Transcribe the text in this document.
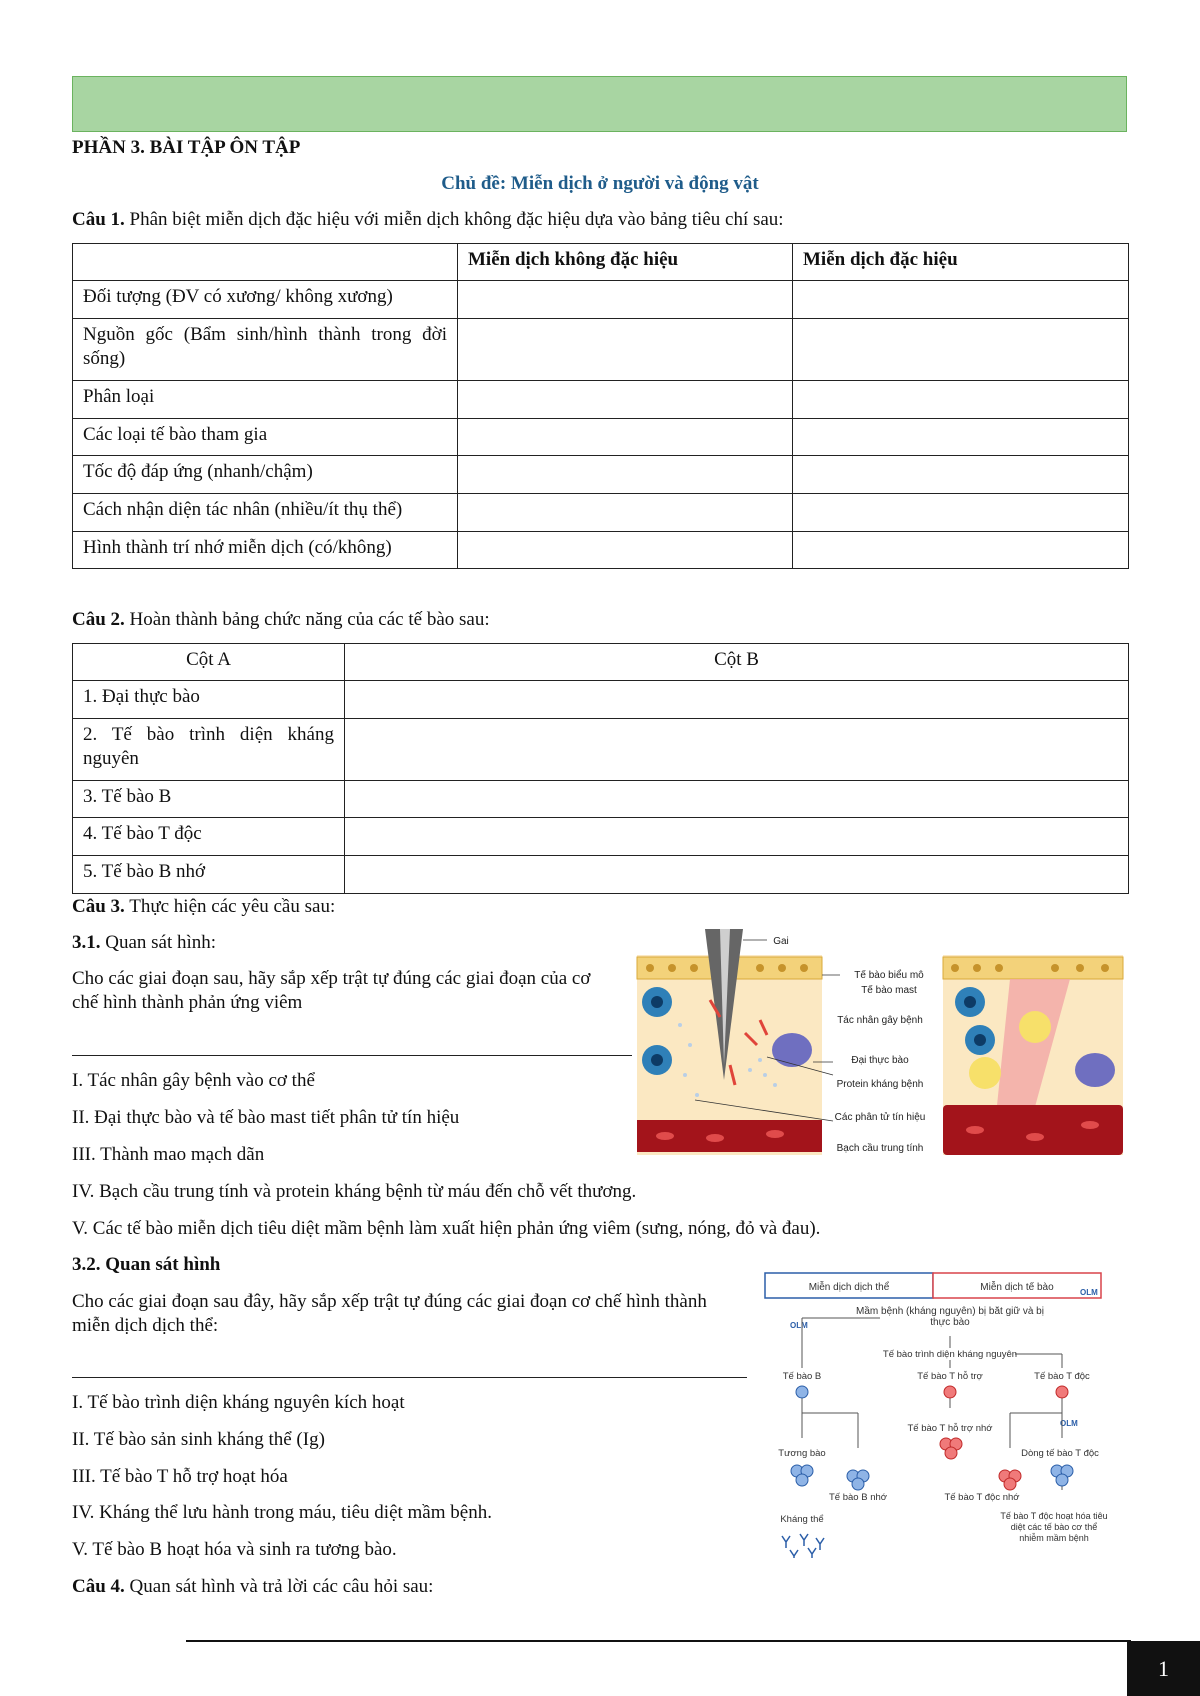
PHẦN 3. BÀI TẬP ÔN TẬP
Chủ đề: Miễn dịch ở người và động vật
Câu 1. Phân biệt miễn dịch đặc hiệu với miễn dịch không đặc hiệu dựa vào bảng tiêu chí sau:
	Miễn dịch không đặc hiệu	Miễn dịch đặc hiệu
Đối tượng (ĐV có xương/ không xương)		
Nguồn gốc (Bẩm sinh/hình thành trong đời sống)		
Phân loại		
Các loại tế bào tham gia		
Tốc độ đáp ứng (nhanh/chậm)		
Cách nhận diện tác nhân (nhiều/ít thụ thể)		
Hình thành trí nhớ miễn dịch (có/không)		
Câu 2. Hoàn thành bảng chức năng của các tế bào sau:
Cột A	Cột B
1. Đại thực bào	
2. Tế bào trình diện kháng nguyên	
3. Tế bào B	
4. Tế bào T độc	
5. Tế bào B nhớ	
Câu 3. Thực hiện các yêu cầu sau:
3.1. Quan sát hình:
Cho các giai đoạn sau, hãy sắp xếp trật tự đúng các giai đoạn của cơ chế hình thành phản ứng viêm
I. Tác nhân gây bệnh vào cơ thể
II. Đại thực bào và tế bào mast tiết phân tử tín hiệu
III. Thành mao mạch dãn
IV. Bạch cầu trung tính và protein kháng bệnh từ máu đến chỗ vết thương.
V. Các tế bào miễn dịch tiêu diệt mầm bệnh làm xuất hiện phản ứng viêm (sưng, nóng, đỏ và đau).
Gai
Tế bào biểu mô
Tế bào mast
Tác nhân gây bệnh
Đại thực bào
Protein kháng bệnh
Các phân tử tín hiệu
Bạch cầu trung tính
3.2. Quan sát hình
Cho các giai đoạn sau đây, hãy sắp xếp trật tự đúng các giai đoạn cơ chế hình thành miễn dịch dịch thể:
I. Tế bào trình diện kháng nguyên kích hoạt
II. Tế bào sản sinh kháng thể (Ig)
III. Tế bào T hỗ trợ hoạt hóa
IV. Kháng thể lưu hành trong máu, tiêu diệt mầm bệnh.
V. Tế bào B hoạt hóa và sinh ra tương bào.
Miễn dịch dịch thể	Miễn dịch tế bào	OLM
OLM
OLM
Mầm bệnh (kháng nguyên) bị bắt giữ và bị thực bào
Tế bào trình diện kháng nguyên
Tế bào B	Tế bào T hỗ trợ	Tế bào T độc
Tế bào T hỗ trợ nhớ
Tương bào	Dòng tế bào T độc
Tế bào B nhớ	Tế bào T độc nhớ
Kháng thể	Tế bào T độc hoạt hóa tiêu diệt các tế bào cơ thể nhiễm mầm bệnh
Câu 4. Quan sát hình và trả lời các câu hỏi sau:
1
